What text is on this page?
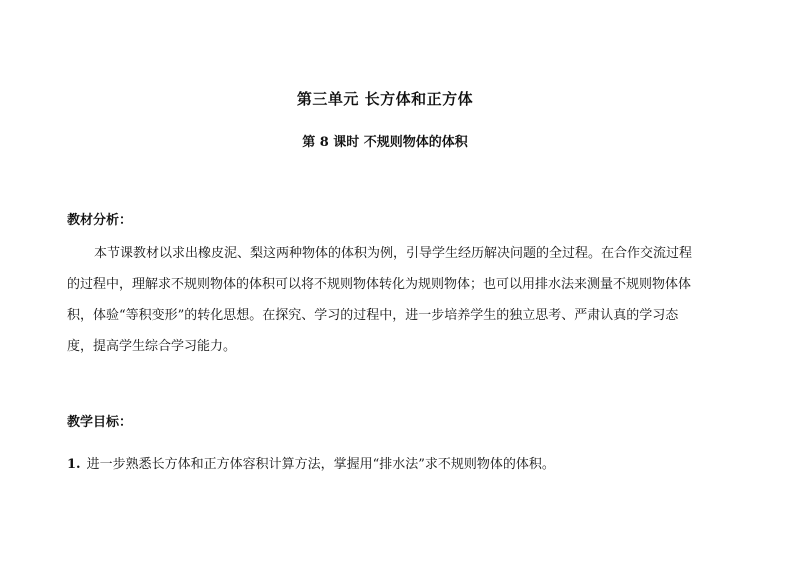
第三单元 长方体和正方体
第 8 课时 不规则物体的体积
教材分析：

本节课教材以求出橡皮泥、梨这两种物体的体积为例，引导学生经历解决问题的全过程。在合作交流过程

的过程中，理解求不规则物体的体积可以将不规则物体转化为规则物体；也可以用排水法来测量不规则物体体

积，体验“等积变形”的转化思想。在探究、学习的过程中，进一步培养学生的独立思考、严肃认真的学习态

度，提高学生综合学习能力。

教学目标：

1. 进一步熟悉长方体和正方体容积计算方法，掌握用“排水法”求不规则物体的体积。
